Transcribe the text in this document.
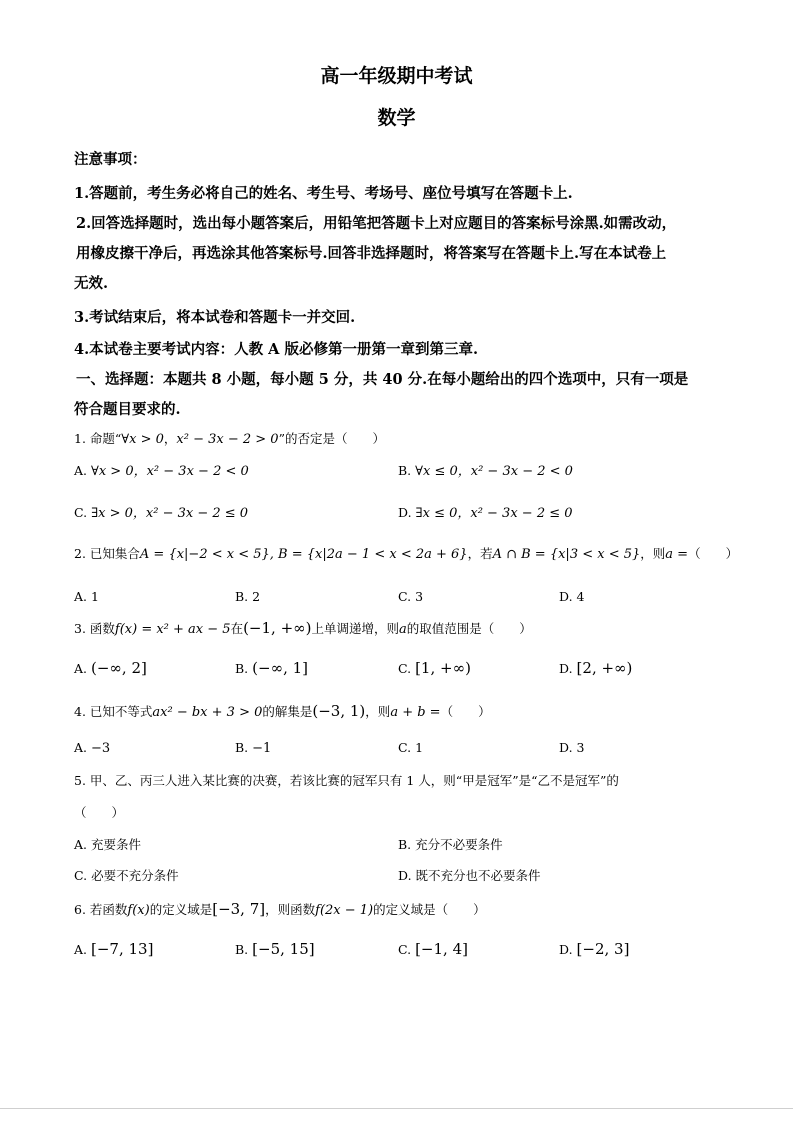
高一年级期中考试
数学
注意事项：
1.答题前，考生务必将自己的姓名、考生号、考场号、座位号填写在答题卡上.
2.回答选择题时，选出每小题答案后，用铅笔把答题卡上对应题目的答案标号涂黑.如需改动，
用橡皮擦干净后，再选涂其他答案标号.回答非选择题时，将答案写在答题卡上.写在本试卷上
无效.
3.考试结束后，将本试卷和答题卡一并交回.
4.本试卷主要考试内容：人教 A 版必修第一册第一章到第三章.
一、选择题：本题共 8 小题，每小题 5 分，共 40 分.在每小题给出的四个选项中，只有一项是
符合题目要求的.
1. 命题“∀x > 0，x² − 3x − 2 > 0”的否定是（　　）
A. ∀x > 0，x² − 3x − 2 < 0	B. ∀x ≤ 0，x² − 3x − 2 < 0
C. ∃x > 0，x² − 3x − 2 ≤ 0	D. ∃x ≤ 0，x² − 3x − 2 ≤ 0
2. 已知集合A = {x|−2 < x < 5}, B = {x|2a − 1 < x < 2a + 6}，若A ∩ B = {x|3 < x < 5}，则a =（　　）
A. 1	B. 2	C. 3	D. 4
3. 函数f(x) = x² + ax − 5在(−1, +∞)上单调递增，则a的取值范围是（　　）
A. (−∞, 2]	B. (−∞, 1]	C. [1, +∞)	D. [2, +∞)
4. 已知不等式ax² − bx + 3 > 0的解集是(−3, 1)，则a + b =（　　）
A. −3	B. −1	C. 1	D. 3
5. 甲、乙、丙三人进入某比赛的决赛，若该比赛的冠军只有 1 人，则“甲是冠军”是“乙不是冠军”的
（　　）
A. 充要条件	B. 充分不必要条件
C. 必要不充分条件	D. 既不充分也不必要条件
6. 若函数f(x)的定义域是[−3, 7]，则函数f(2x − 1)的定义域是（　　）
A. [−7, 13]	B. [−5, 15]	C. [−1, 4]	D. [−2, 3]
